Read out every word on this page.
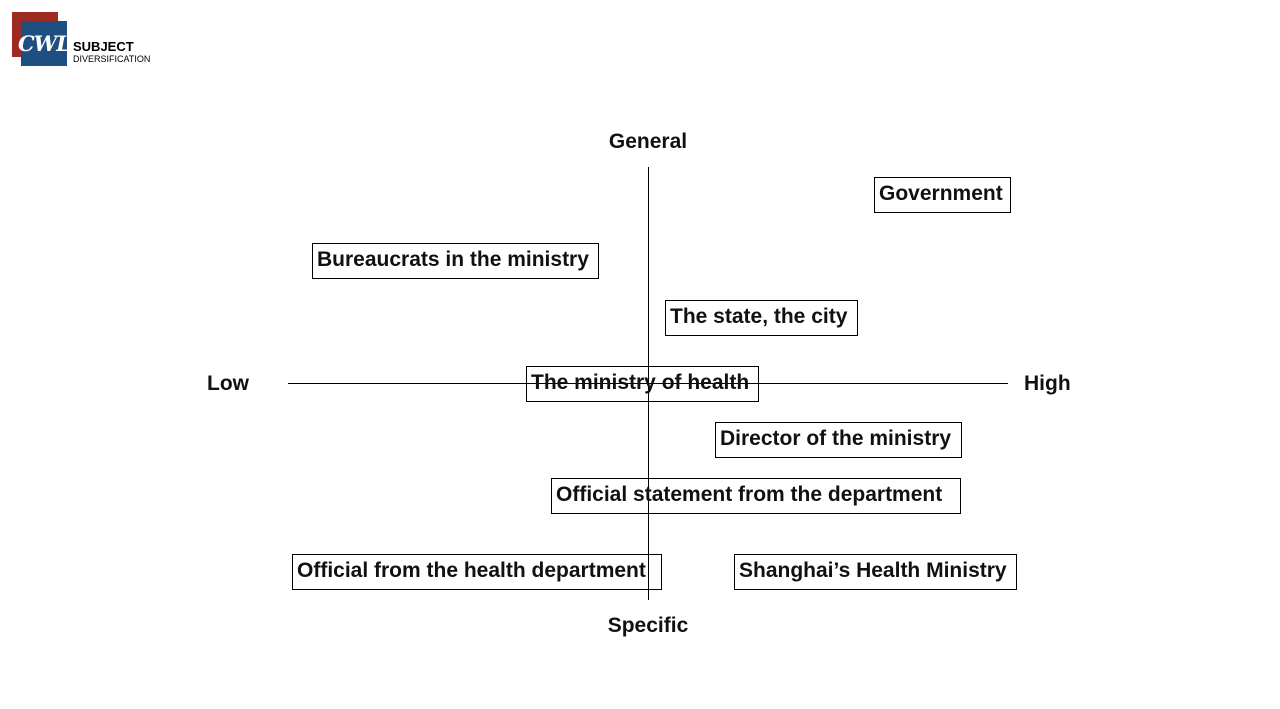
CWL SUBJECT
DIVERSIFICATION
General
Specific
Low	High
Government
Bureaucrats in the ministry
The state, the city
The ministry of health
Director of the ministry
Official statement from the department
Official from the health department	Shanghai’s Health Ministry
